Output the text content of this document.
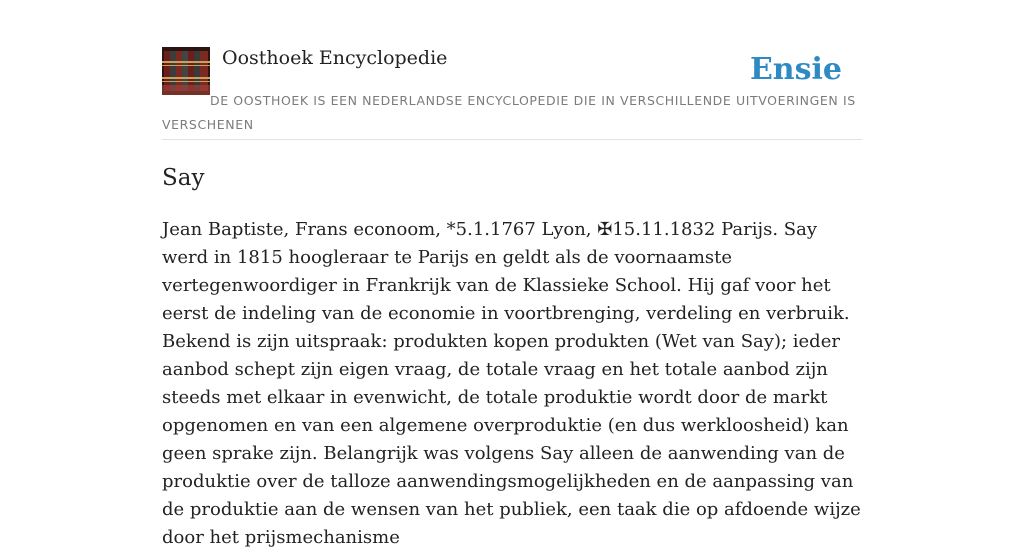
Oosthoek Encyclopedie	Ensie
DE OOSTHOEK IS EEN NEDERLANDSE ENCYCLOPEDIE DIE IN VERSCHILLENDE UITVOERINGEN IS VERSCHENEN
Say

Jean Baptiste, Frans econoom, *5.1.1767 Lyon, ✠15.11.1832 Parijs. Say werd in 1815 hoogleraar te Parijs en geldt als de voornaamste vertegenwoordiger in Frankrijk van de Klassieke School. Hij gaf voor het eerst de indeling van de economie in voortbrenging, verdeling en verbruik. Bekend is zijn uitspraak: produkten kopen produkten (Wet van Say); ieder aanbod schept zijn eigen vraag, de totale vraag en het totale aanbod zijn steeds met elkaar in evenwicht, de totale produktie wordt door de markt opgenomen en van een algemene overproduktie (en dus werkloosheid) kan geen sprake zijn. Belangrijk was volgens Say alleen de aanwending van de produktie over de talloze aanwendingsmogelijkheden en de aanpassing van de produktie aan de wensen van het publiek, een taak die op afdoende wijze door het prijsmechanisme
